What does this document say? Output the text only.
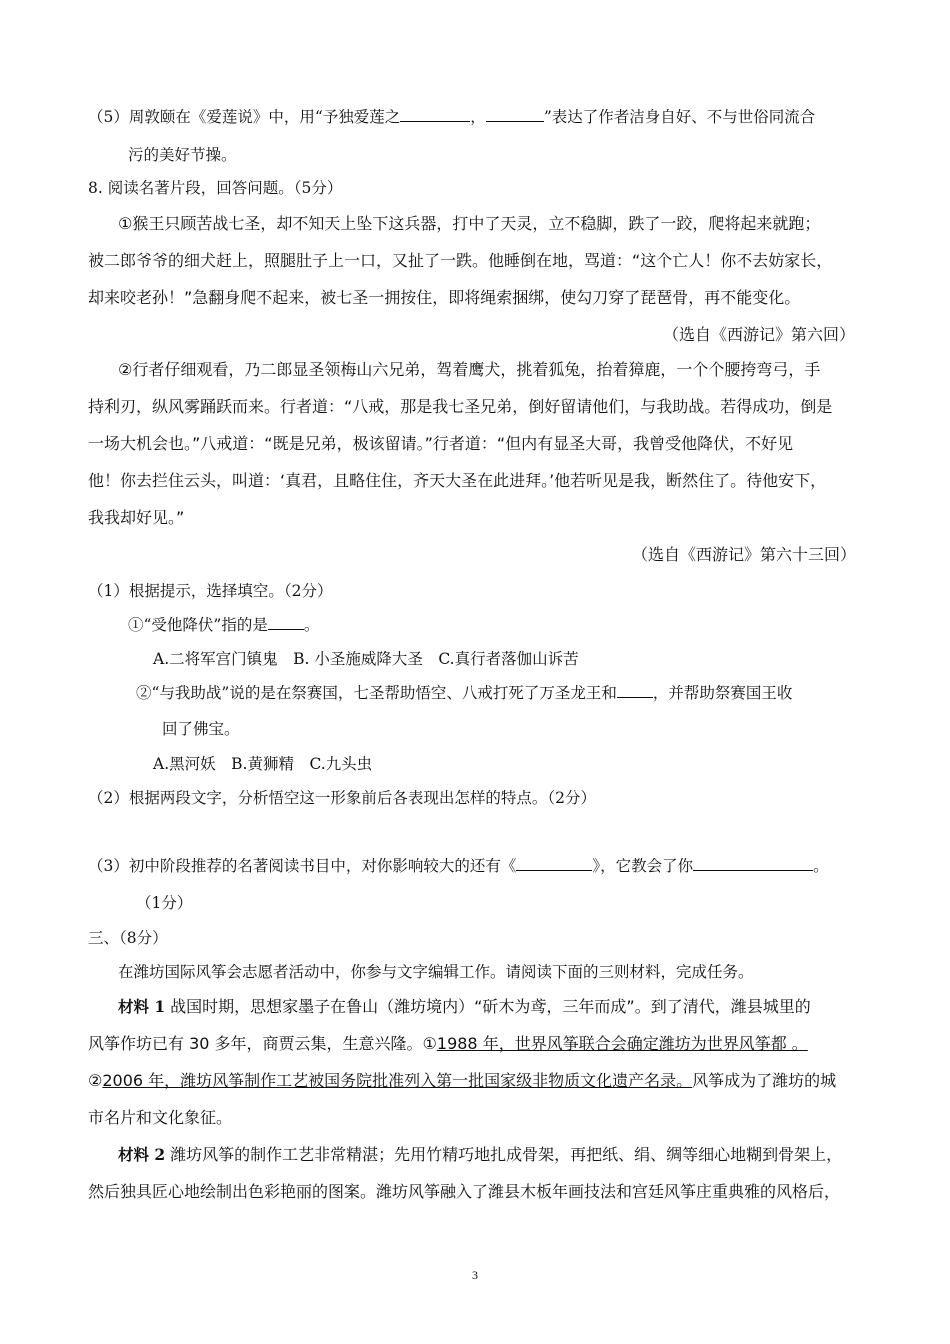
（5）周敦颐在《爱莲说》中，用“予独爱莲之	，	”表达了作者洁身自好、不与世俗同流合
污的美好节操。
8. 阅读名著片段，回答问题。（5分）
①猴王只顾苦战七圣，却不知天上坠下这兵器，打中了天灵，立不稳脚，跌了一跤，爬将起来就跑；
被二郎爷爷的细犬赶上，照腿肚子上一口，又扯了一跌。他睡倒在地，骂道：“这个亡人！你不去妨家长，
却来咬老孙！”急翻身爬不起来，被七圣一拥按住，即将绳索捆绑，使勾刀穿了琵琶骨，再不能变化。
（选自《西游记》第六回）
②行者仔细观看，乃二郎显圣领梅山六兄弟，驾着鹰犬，挑着狐兔，抬着獐鹿，一个个腰挎弯弓，手
持利刃，纵风雾踊跃而来。行者道：“八戒，那是我七圣兄弟，倒好留请他们，与我助战。若得成功，倒是
一场大机会也。”八戒道：“既是兄弟，极该留请。”行者道：“但内有显圣大哥，我曾受他降伏，不好见
他！你去拦住云头，叫道：‘真君，且略住住，齐天大圣在此进拜。’他若听见是我，断然住了。待他安下，
我我却好见。”
（选自《西游记》第六十三回）
（1）根据提示，选择填空。（2分）
①“受他降伏”指的是 。
A.二将军宫门镇鬼　B. 小圣施威降大圣　C.真行者落伽山诉苦
②“与我助战”说的是在祭赛国，七圣帮助悟空、八戒打死了万圣龙王和 ，并帮助祭赛国王收
回了佛宝。
A.黑河妖　B.黄狮精　C.九头虫
（2）根据两段文字，分析悟空这一形象前后各表现出怎样的特点。（2分）
（3）初中阶段推荐的名著阅读书目中，对你影响较大的还有《	》，它教会了你	。
（1分）
三、（8分）
在潍坊国际风筝会志愿者活动中，你参与文字编辑工作。请阅读下面的三则材料，完成任务。
材料 1 战国时期，思想家墨子在鲁山（潍坊境内）“斫木为鸢，三年而成”。到了清代，潍县城里的
风筝作坊已有 30 多年，商贾云集，生意兴隆。①1988 年，世界风筝联合会确定潍坊为世界风筝都 。
②2006 年，潍坊风筝制作工艺被国务院批准列入第一批国家级非物质文化遗产名录。风筝成为了潍坊的城
市名片和文化象征。
材料 2 潍坊风筝的制作工艺非常精湛；先用竹精巧地扎成骨架，再把纸、绢、绸等细心地糊到骨架上，
然后独具匠心地绘制出色彩艳丽的图案。潍坊风筝融入了潍县木板年画技法和宫廷风筝庄重典雅的风格后，
3
